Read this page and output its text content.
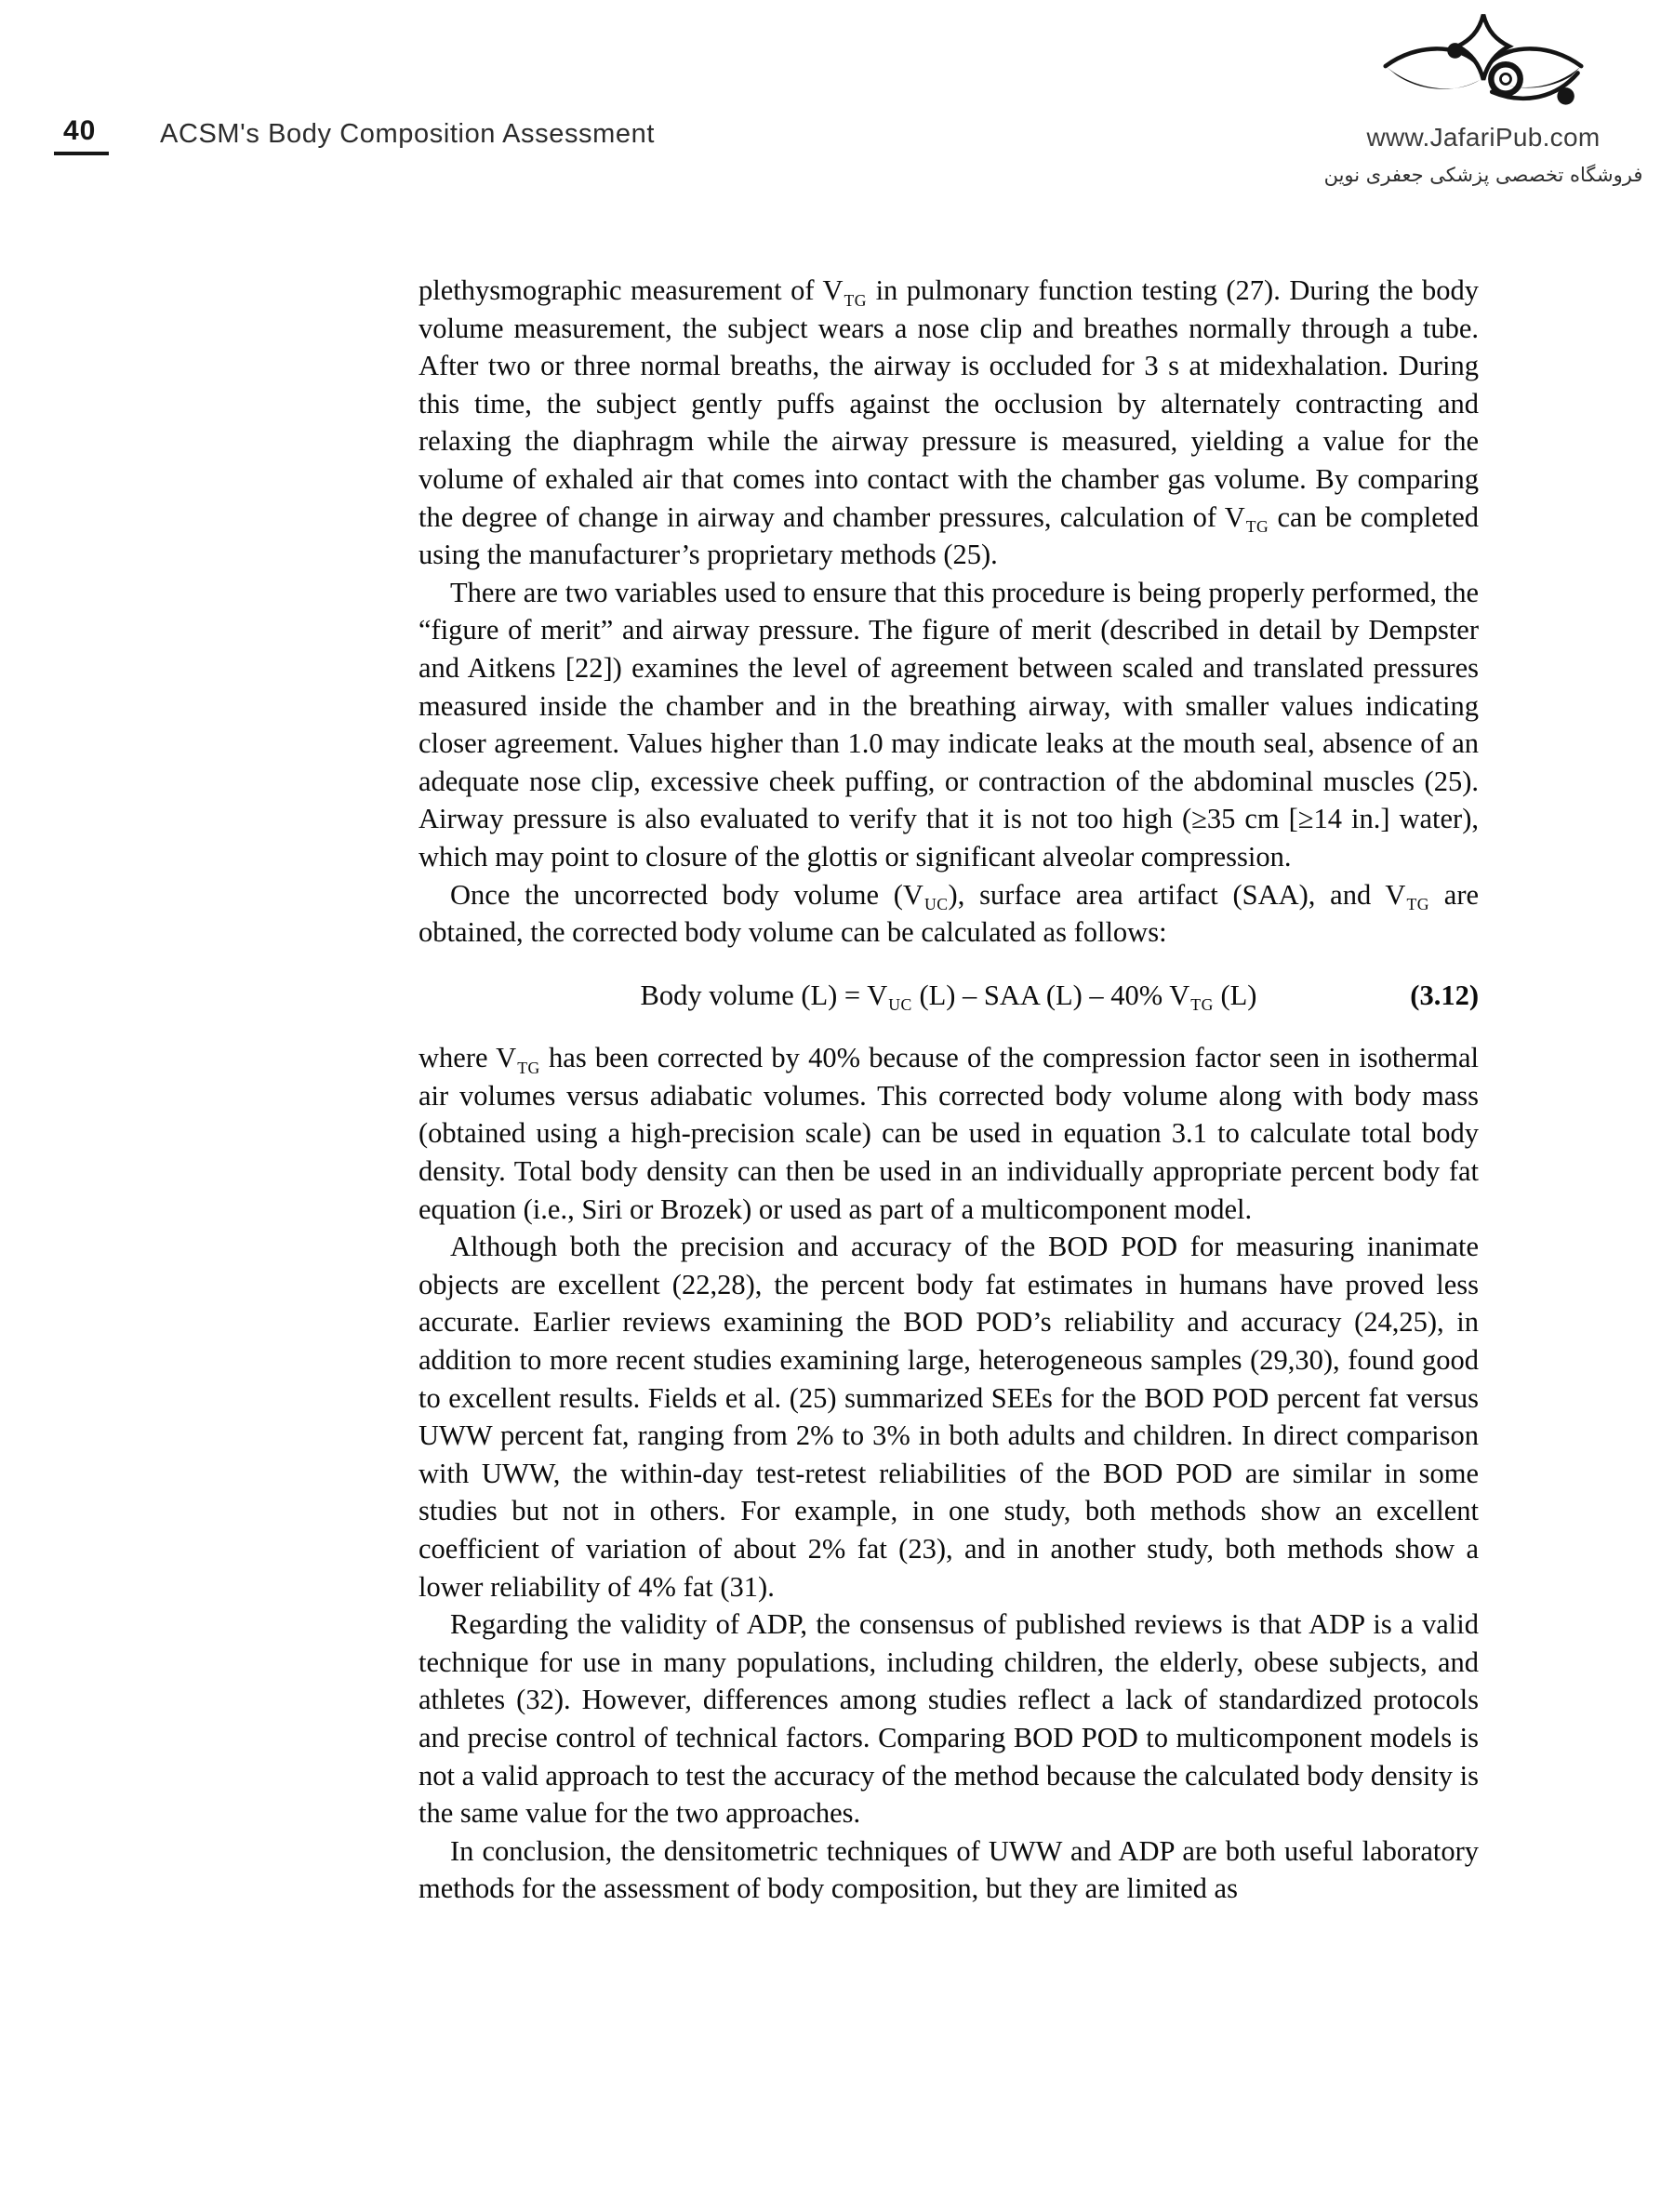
40	ACSM's Body Composition Assessment	www.JafariPub.com
فروشگاه تخصصی پزشکی جعفری نوین

plethysmographic measurement of $V_{TG}$ in pulmonary function testing (27). During the body volume measurement, the subject wears a nose clip and breathes normally through a tube. After two or three normal breaths, the airway is occluded for 3 s at midexhalation. During this time, the subject gently puffs against the occlusion by alternately contracting and relaxing the diaphragm while the airway pressure is measured, yielding a value for the volume of exhaled air that comes into contact with the chamber gas volume. By comparing the degree of change in airway and chamber pressures, calculation of $V_{TG}$ can be completed using the manufacturer’s proprietary methods (25).

There are two variables used to ensure that this procedure is being properly performed, the “figure of merit” and airway pressure. The figure of merit (described in detail by Dempster and Aitkens [22]) examines the level of agreement between scaled and translated pressures measured inside the chamber and in the breathing airway, with smaller values indicating closer agreement. Values higher than 1.0 may indicate leaks at the mouth seal, absence of an adequate nose clip, excessive cheek puffing, or contraction of the abdominal muscles (25). Airway pressure is also evaluated to verify that it is not too high (≥35 cm [≥14 in.] water), which may point to closure of the glottis or significant alveolar compression.

Once the uncorrected body volume $(V_{UC})$, surface area artifact (SAA), and $V_{TG}$ are obtained, the corrected body volume can be calculated as follows:

Body volume $(L) = V_{UC}$ (L) – SAA (L) – 40% $V_{TG}$ (L)	(3.12)

where $V_{TG}$ has been corrected by 40% because of the compression factor seen in isothermal air volumes versus adiabatic volumes. This corrected body volume along with body mass (obtained using a high-precision scale) can be used in equation 3.1 to calculate total body density. Total body density can then be used in an individually appropriate percent body fat equation (i.e., Siri or Brozek) or used as part of a multicomponent model.

Although both the precision and accuracy of the BOD POD for measuring inanimate objects are excellent (22,28), the percent body fat estimates in humans have proved less accurate. Earlier reviews examining the BOD POD’s reliability and accuracy (24,25), in addition to more recent studies examining large, heterogeneous samples (29,30), found good to excellent results. Fields et al. (25) summarized SEEs for the BOD POD percent fat versus UWW percent fat, ranging from 2% to 3% in both adults and children. In direct comparison with UWW, the within-day test-retest reliabilities of the BOD POD are similar in some studies but not in others. For example, in one study, both methods show an excellent coefficient of variation of about 2% fat (23), and in another study, both methods show a lower reliability of 4% fat (31).

Regarding the validity of ADP, the consensus of published reviews is that ADP is a valid technique for use in many populations, including children, the elderly, obese subjects, and athletes (32). However, differences among studies reflect a lack of standardized protocols and precise control of technical factors. Comparing BOD POD to multicomponent models is not a valid approach to test the accuracy of the method because the calculated body density is the same value for the two approaches.

In conclusion, the densitometric techniques of UWW and ADP are both useful laboratory methods for the assessment of body composition, but they are limited as
